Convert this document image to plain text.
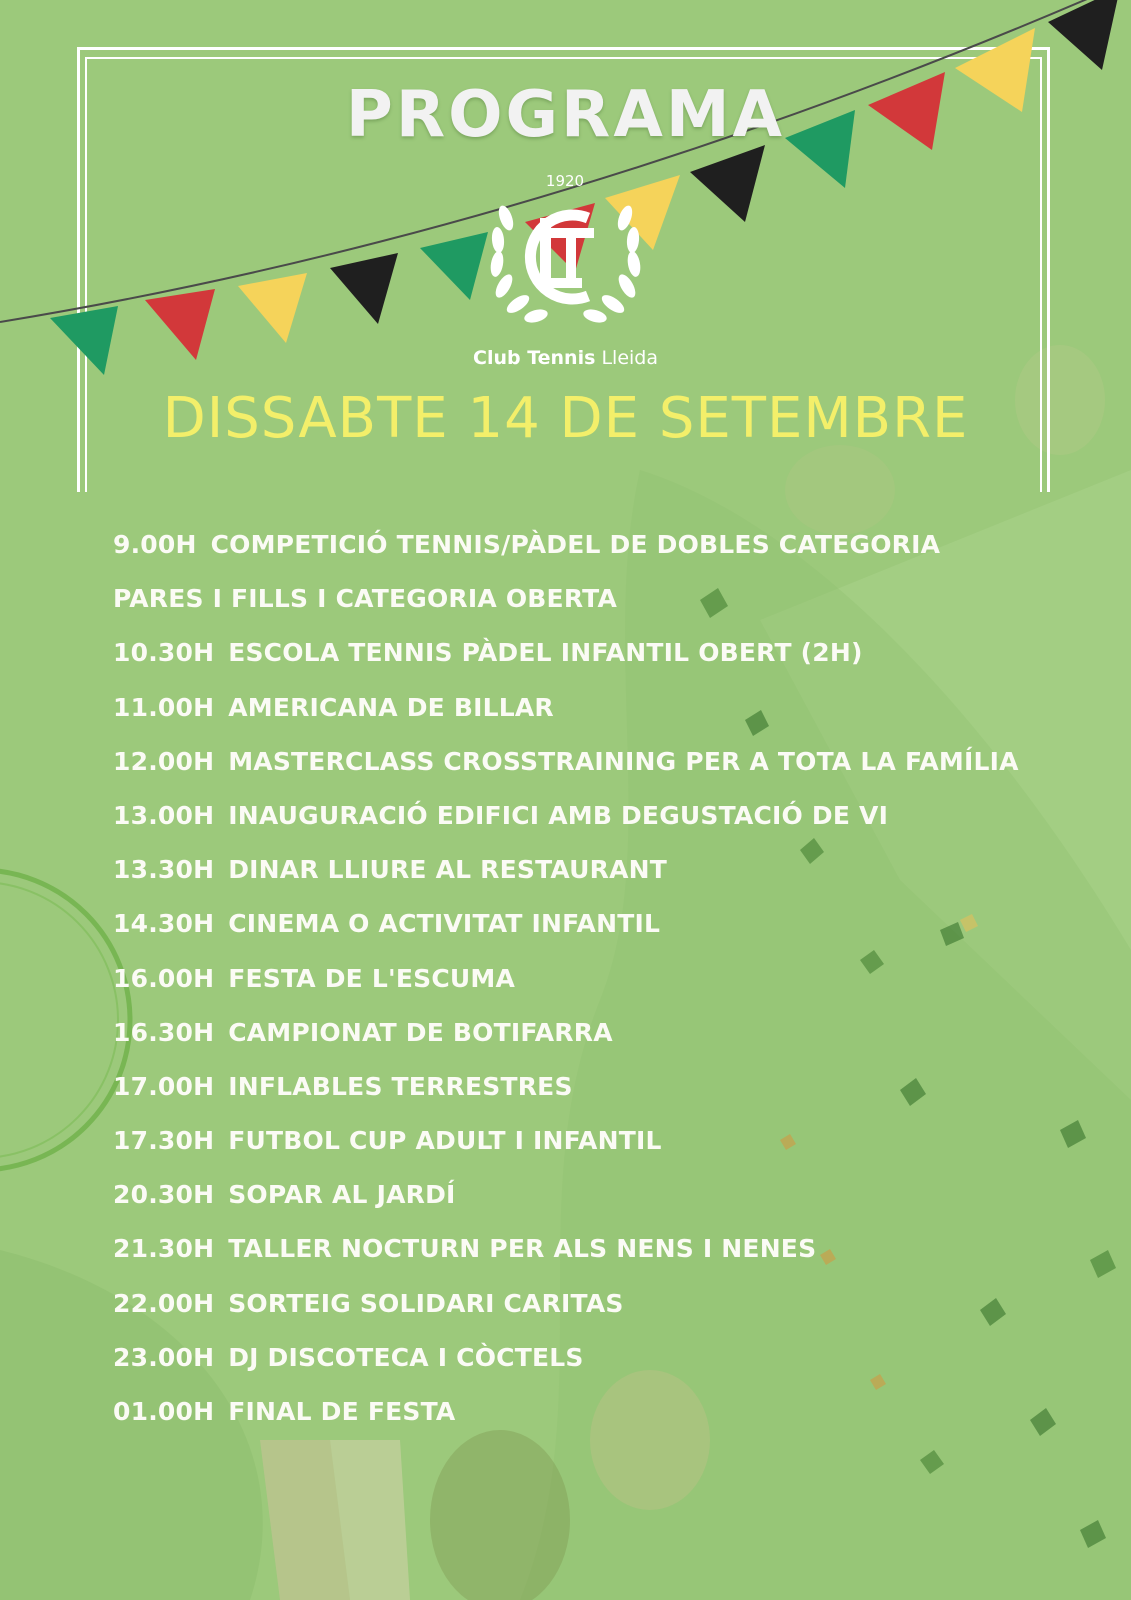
PROGRAMA
1920
Club Tennis Lleida
DISSABTE 14 DE SETEMBRE
9.00H COMPETICIÓ TENNIS/PÀDEL DE DOBLES CATEGORIA
PARES I FILLS I CATEGORIA OBERTA
10.30H ESCOLA TENNIS PÀDEL INFANTIL OBERT (2H)
11.00H AMERICANA DE BILLAR
12.00H MASTERCLASS CROSSTRAINING PER A TOTA LA FAMÍLIA
13.00H INAUGURACIÓ EDIFICI AMB DEGUSTACIÓ DE VI
13.30H DINAR LLIURE AL RESTAURANT
14.30H CINEMA O ACTIVITAT INFANTIL
16.00H FESTA DE L'ESCUMA
16.30H CAMPIONAT DE BOTIFARRA
17.00H INFLABLES TERRESTRES
17.30H FUTBOL CUP ADULT I INFANTIL
20.30H SOPAR AL JARDÍ
21.30H TALLER NOCTURN PER ALS NENS I NENES
22.00H SORTEIG SOLIDARI CARITAS
23.00H DJ DISCOTECA I CÒCTELS
01.00H FINAL DE FESTA
